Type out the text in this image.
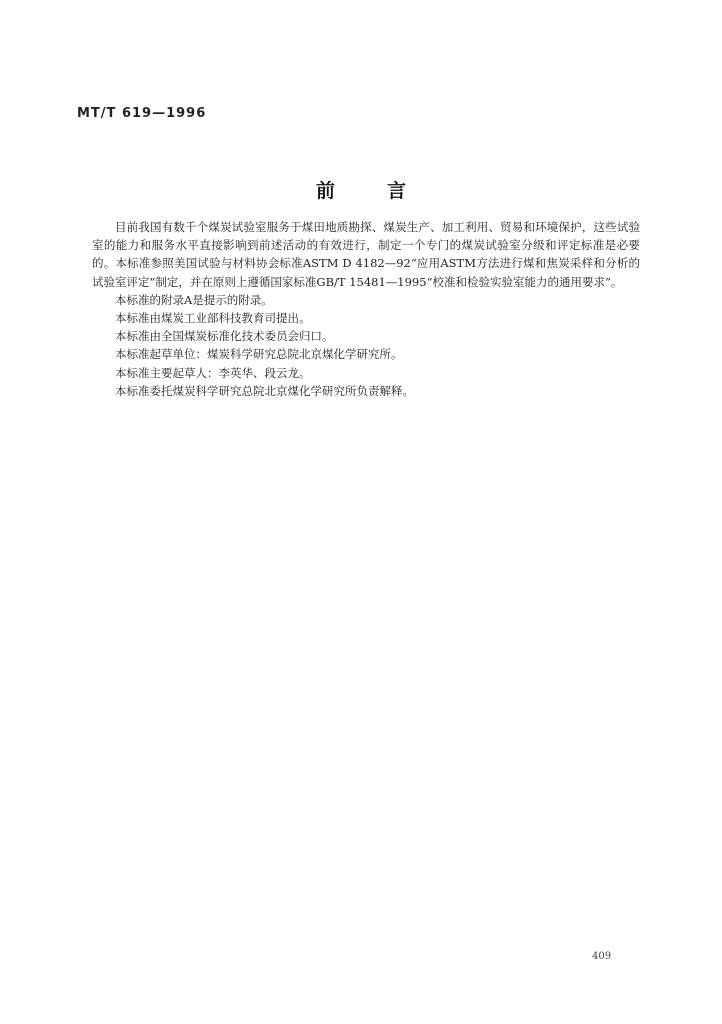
MT/T 619—1996
前言

目前我国有数千个煤炭试验室服务于煤田地质勘探、煤炭生产、加工利用、贸易和环境保护，这些试验室的能力和服务水平直接影响到前述活动的有效进行，制定一个专门的煤炭试验室分级和评定标准是必要的。本标准参照美国试验与材料协会标准ASTM D 4182—92“应用ASTM方法进行煤和焦炭采样和分析的试验室评定”制定，并在原则上遵循国家标准GB/T 15481—1995“校准和检验实验室能力的通用要求”。

本标准的附录A是提示的附录。

本标准由煤炭工业部科技教育司提出。

本标准由全国煤炭标准化技术委员会归口。

本标准起草单位：煤炭科学研究总院北京煤化学研究所。

本标准主要起草人：李英华、段云龙。

本标准委托煤炭科学研究总院北京煤化学研究所负责解释。

409
